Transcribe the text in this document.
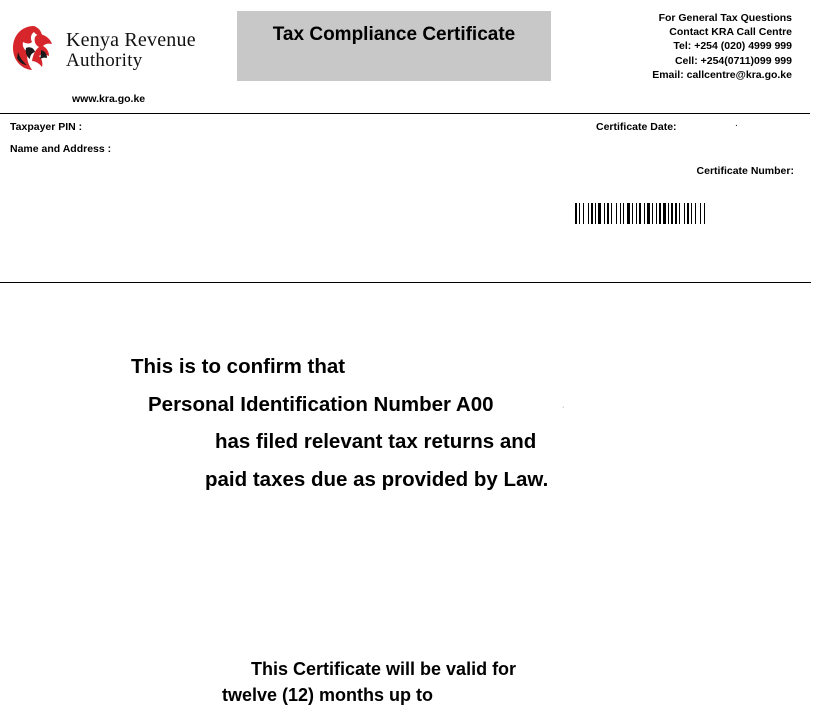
Kenya Revenue
Authority
Tax Compliance Certificate
For General Tax Questions
Contact KRA Call Centre
Tel: +254 (020) 4999 999
Cell: +254(0711)099 999
Email: callcentre@kra.go.ke
www.kra.go.ke
Taxpayer PIN :
Name and Address :
Certificate Date:	.
Certificate Number:
This is to confirm that
Personal Identification Number A00	·
has filed relevant tax returns and
paid taxes due as provided by Law.
This Certificate will be valid for
twelve (12) months up to
